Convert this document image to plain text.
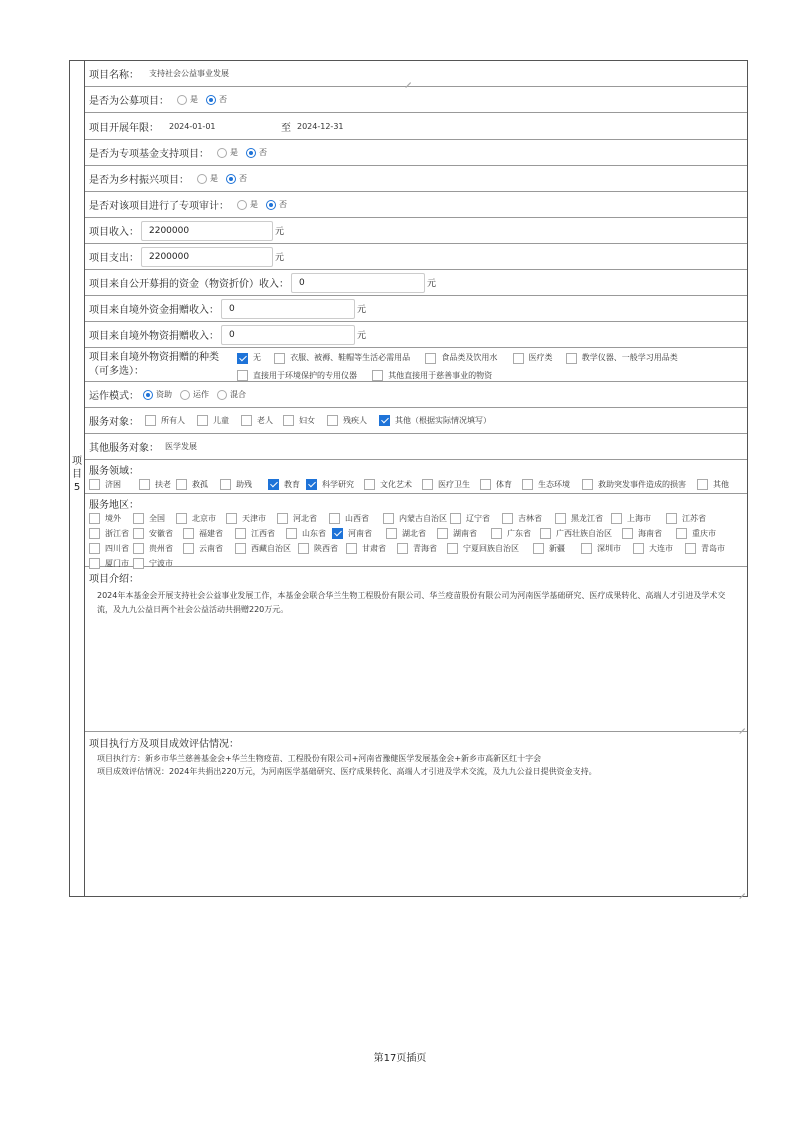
项目5
项目名称： 支持社会公益事业发展
是否为公募项目：	是	否
项目开展年限： 2024-01-01	至 2024-12-31
是否为专项基金支持项目：	是	否
是否为乡村振兴项目：	是	否
是否对该项目进行了专项审计：	是	否
项目收入：	2200000	元
项目支出：	2200000	元
项目来自公开募捐的资金（物资折价）收入：	0	元
项目来自境外资金捐赠收入：	0	元
项目来自境外物资捐赠收入：	0	元
项目来自境外物资捐赠的种类
（可多选）：
无
	衣服、被褥、鞋帽等生活必需用品
	食品类及饮用水
	医疗类
	教学仪器、一般学习用品类
直接用于环境保护的专用仪器
	其他直接用于慈善事业的物资
运作模式： 资助	运作	混合
服务对象：	所有人	儿童	老人	妇女	残疾人	其他（根据实际情况填写）
其他服务对象： 医学发展
服务领域：
济困	扶老	救孤	助残	教育	科学研究	文化艺术	医疗卫生	体育	生态环境	救助突发事件造成的损害	其他
服务地区：
境外	全国	北京市	天津市	河北省	山西省	内蒙古自治区 辽宁省	吉林省	黑龙江省	上海市	江苏省
浙江省	安徽省	福建省	江西省	山东省	河南省	湖北省	湖南省	广东省	广西壮族自治区	海南省	重庆市
四川省	贵州省	云南省	西藏自治区	陕西省	甘肃省	青海省	宁夏回族自治区	新疆	深圳市	大连市	青岛市
厦门市	宁波市
项目介绍：
2024年本基金会开展支持社会公益事业发展工作，本基金会联合华兰生物工程股份有限公司、华兰疫苗股份有限公司为河南医学基础研究、医疗成果转化、高端人才引进及学术交流，及九九公益日两个社会公益活动共捐赠220万元。
项目执行方及项目成效评估情况：
项目执行方：新乡市华兰慈善基金会+华兰生物疫苗、工程股份有限公司+河南省豫健医学发展基金会+新乡市高新区红十字会
项目成效评估情况：2024年共捐出220万元，为河南医学基础研究、医疗成果转化、高端人才引进及学术交流，及九九公益日提供资金支持。
第17页插页
